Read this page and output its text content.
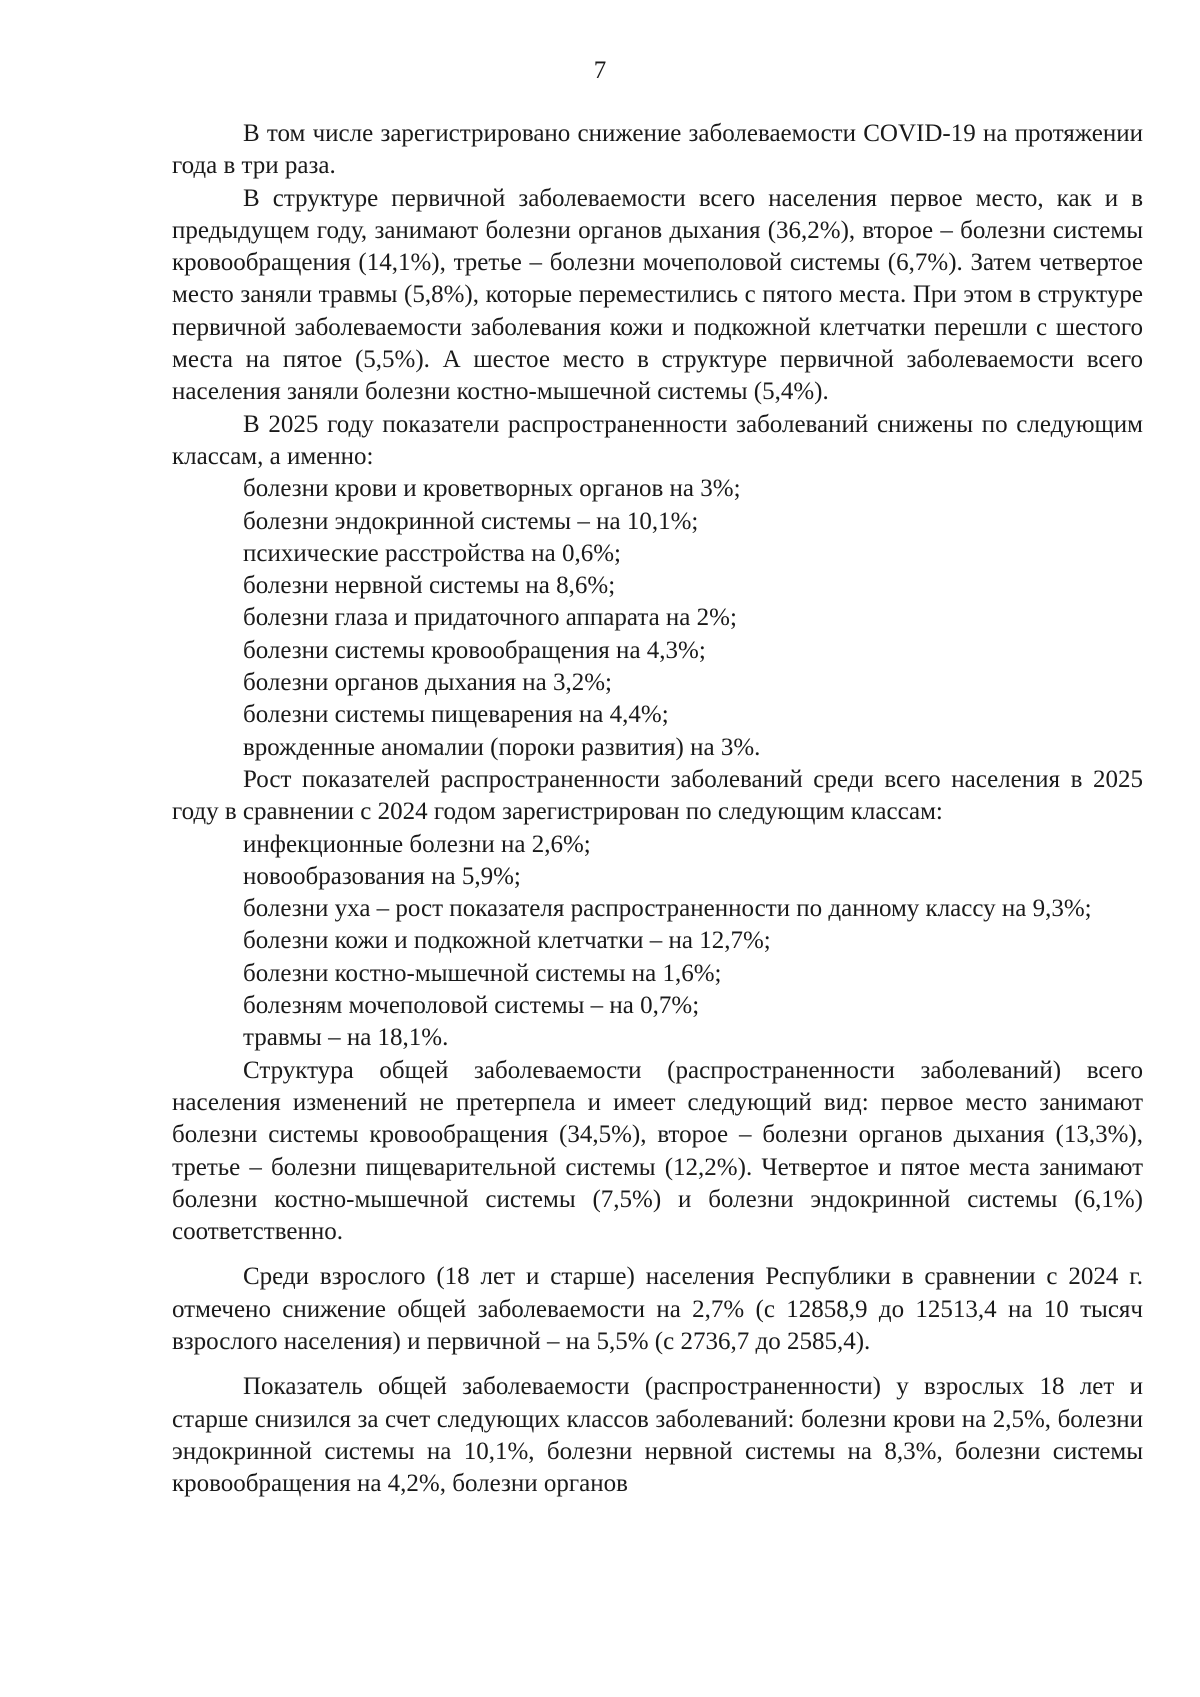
7

В том числе зарегистрировано снижение заболеваемости COVID-19 на протяжении года в три раза.

В структуре первичной заболеваемости всего населения первое место, как и в предыдущем году, занимают болезни органов дыхания (36,2%), второе – болезни системы кровообращения (14,1%), третье – болезни мочеполовой системы (6,7%). Затем четвертое место заняли травмы (5,8%), которые переместились с пятого места. При этом в структуре первичной заболеваемости заболевания кожи и подкожной клетчатки перешли с шестого места на пятое (5,5%). А шестое место в структуре первичной заболеваемости всего населения заняли болезни костно-мышечной системы (5,4%).

В 2025 году показатели распространенности заболеваний снижены по следующим классам, а именно:

болезни крови и кроветворных органов на 3%;
болезни эндокринной системы – на 10,1%;
психические расстройства на 0,6%;
болезни нервной системы на 8,6%;
болезни глаза и придаточного аппарата на 2%;
болезни системы кровообращения на 4,3%;
болезни органов дыхания на 3,2%;
болезни системы пищеварения на 4,4%;
врожденные аномалии (пороки развития) на 3%.

Рост показателей распространенности заболеваний среди всего населения в 2025 году в сравнении с 2024 годом зарегистрирован по следующим классам:

инфекционные болезни на 2,6%;
новообразования на 5,9%;
болезни уха – рост показателя распространенности по данному классу на 9,3%;
болезни кожи и подкожной клетчатки – на 12,7%;
болезни костно-мышечной системы на 1,6%;
болезням мочеполовой системы – на 0,7%;
травмы – на 18,1%.

Структура общей заболеваемости (распространенности заболеваний) всего населения изменений не претерпела и имеет следующий вид: первое место занимают болезни системы кровообращения (34,5%), второе – болезни органов дыхания (13,3%), третье – болезни пищеварительной системы (12,2%). Четвертое и пятое места занимают болезни костно-мышечной системы (7,5%) и болезни эндокринной системы (6,1%) соответственно.

Среди взрослого (18 лет и старше) населения Республики в сравнении с 2024 г. отмечено снижение общей заболеваемости на 2,7% (с 12858,9 до 12513,4 на 10 тысяч взрослого населения) и первичной – на 5,5% (с 2736,7 до 2585,4).

Показатель общей заболеваемости (распространенности) у взрослых 18 лет и старше снизился за счет следующих классов заболеваний: болезни крови на 2,5%, болезни эндокринной системы на 10,1%, болезни нервной системы на 8,3%, болезни системы кровообращения на 4,2%, болезни органов
